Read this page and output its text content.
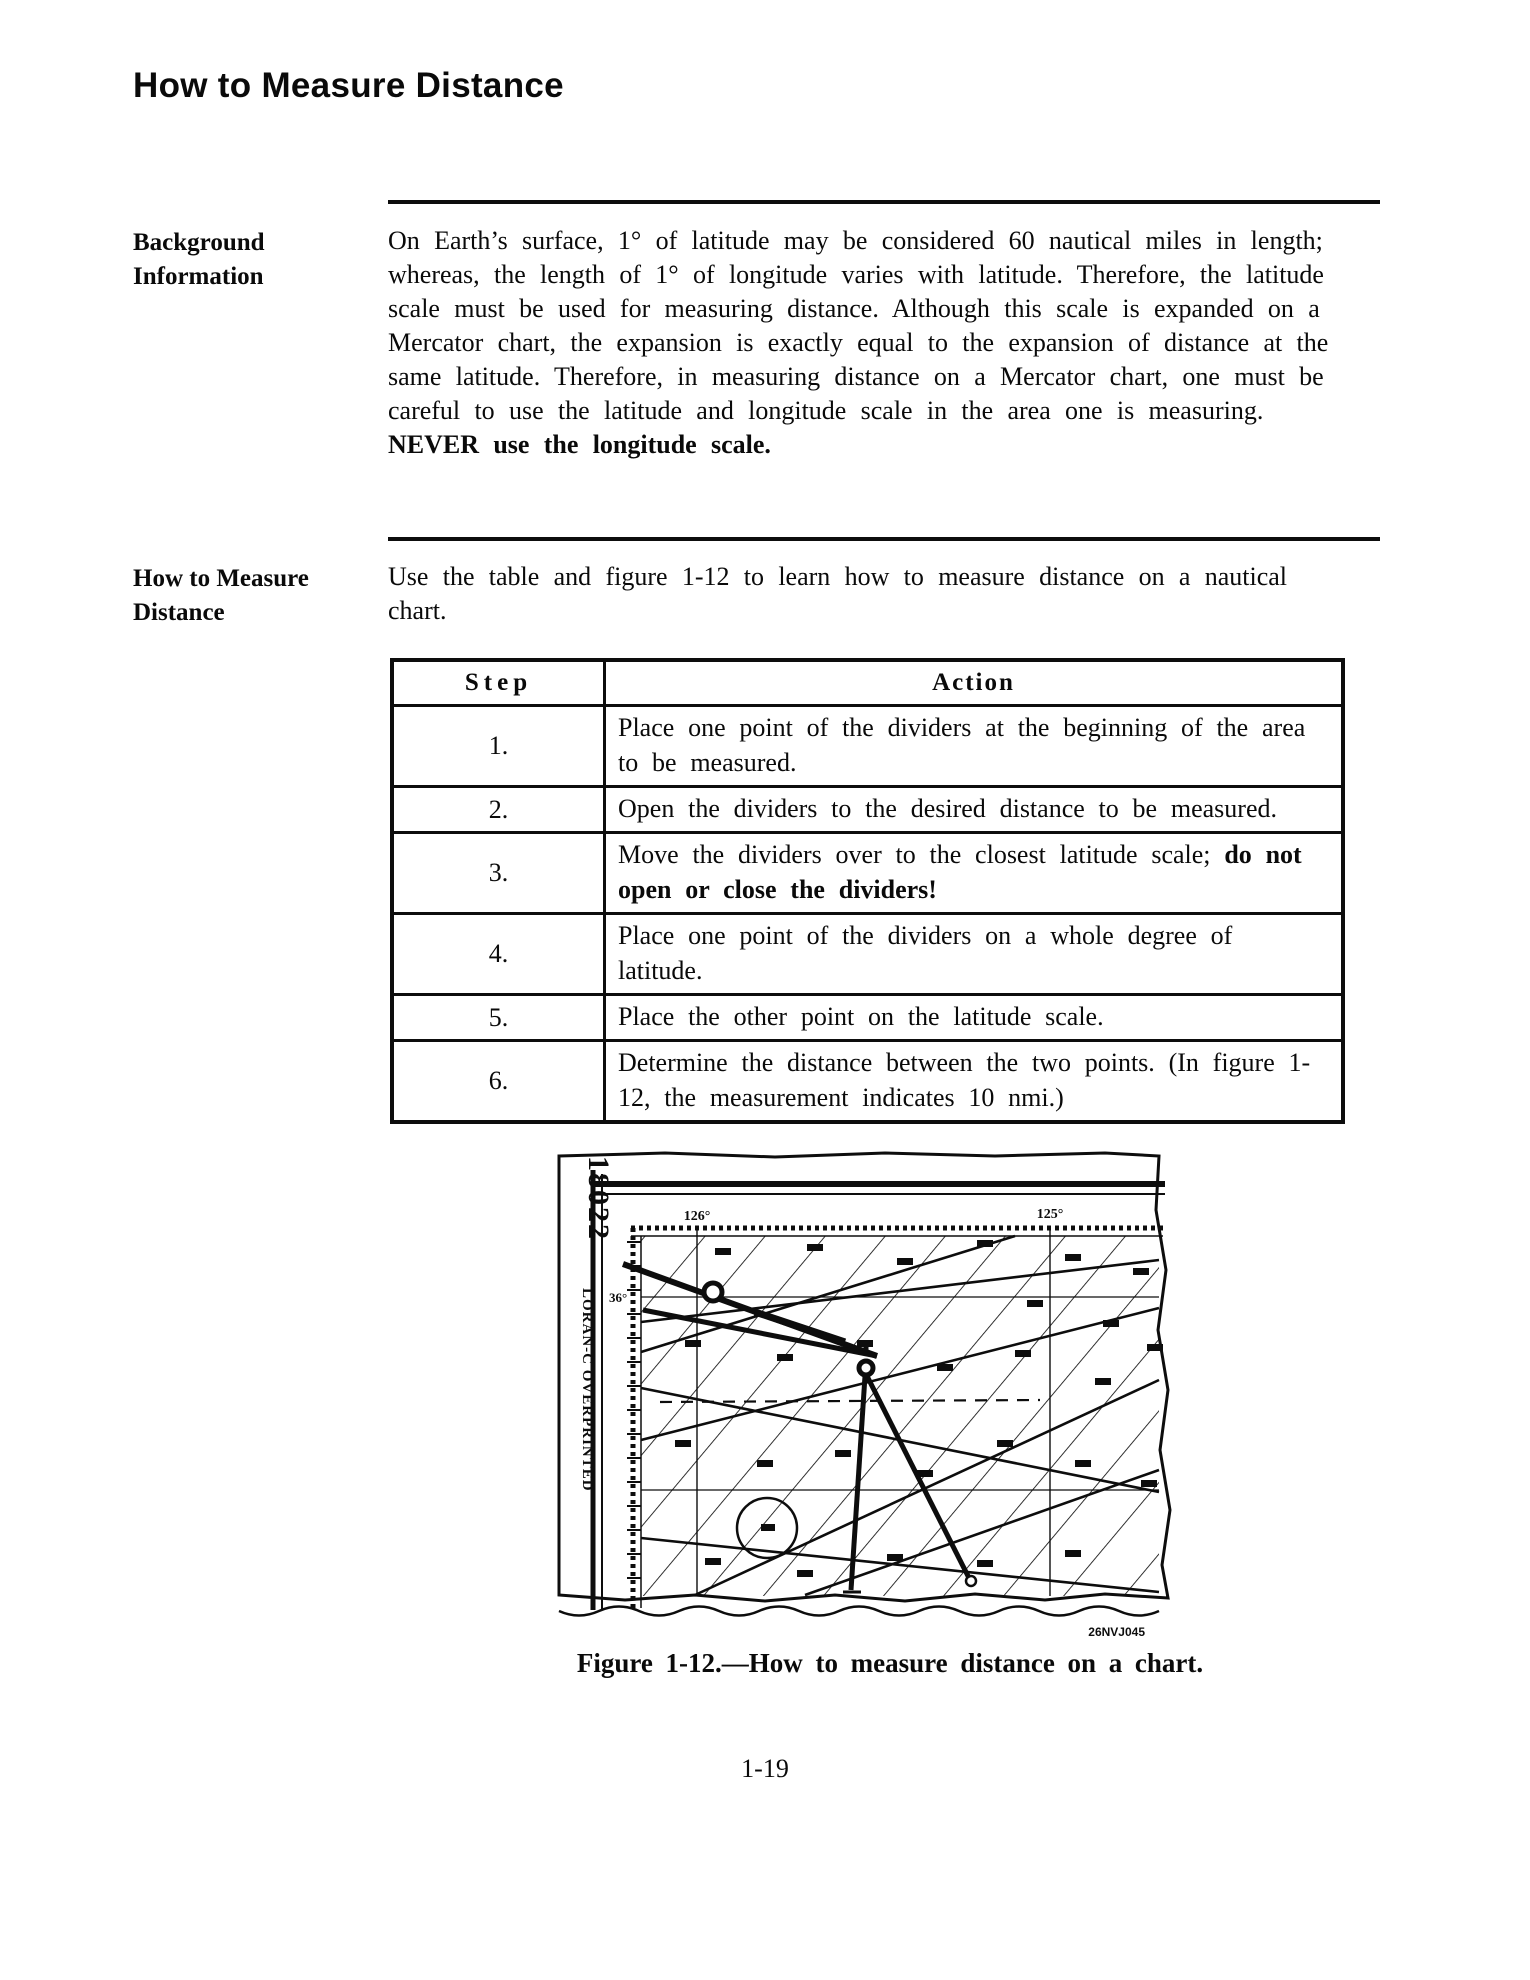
How to Measure Distance
Background Information
On Earth’s surface, 1° of latitude may be considered 60 nautical miles in length; whereas, the length of 1° of longitude varies with latitude. Therefore, the latitude scale must be used for measuring distance. Although this scale is expanded on a Mercator chart, the expansion is exactly equal to the expansion of distance at the same latitude. Therefore, in measuring distance on a Mercator chart, one must be careful to use the latitude and longitude scale in the area one is measuring. NEVER use the longitude scale.
How to Measure Distance
Use the table and figure 1-12 to learn how to measure distance on a nautical chart.
Step	Action
1.	Place one point of the dividers at the beginning of the area to be measured.
2.	Open the dividers to the desired distance to be measured.
3.	Move the dividers over to the closest latitude scale; do not open or close the dividers!
4.	Place one point of the dividers on a whole degree of latitude.
5.	Place the other point on the latitude scale.
6.	Determine the distance between the two points. (In figure 1-12, the measurement indicates 10 nmi.)
18022
LORAN-C OVERPRINTED
126°	125°
36°
26NVJ045
Figure 1-12.—How to measure distance on a chart.
1-19
